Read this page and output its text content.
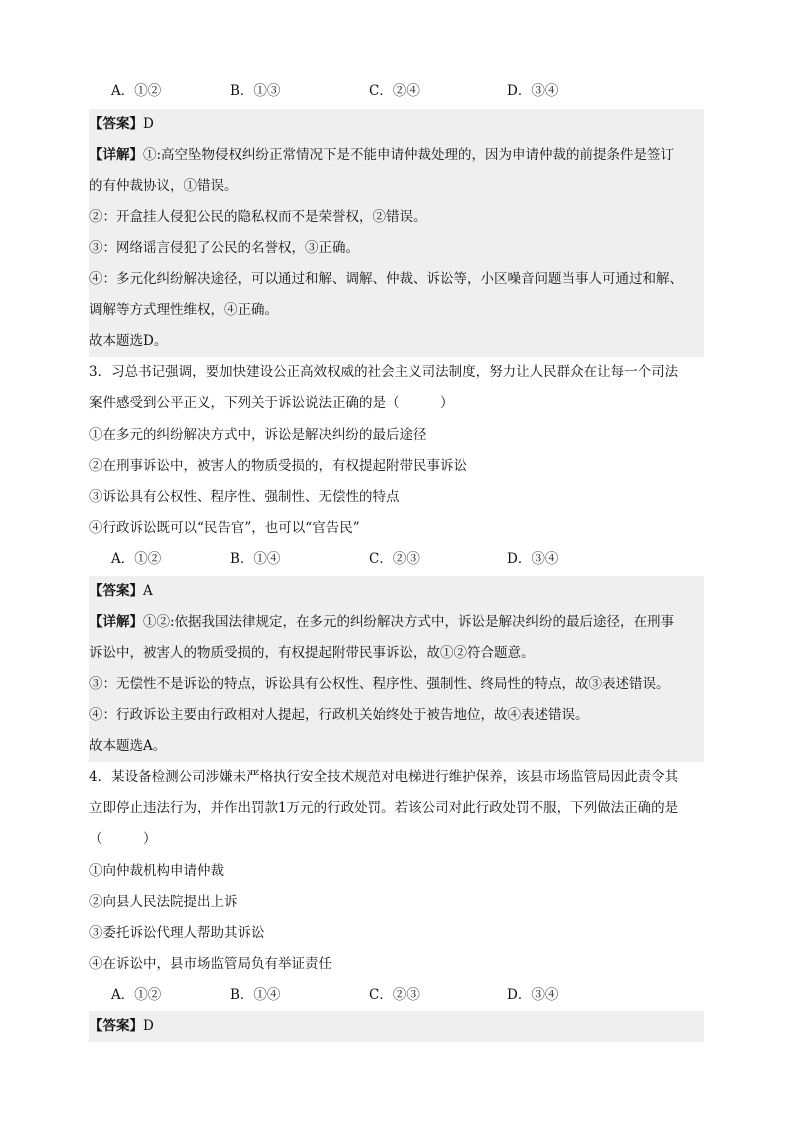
A．①②	B．①③	C．②④	D．③④
【答案】D
【详解】①:高空坠物侵权纠纷正常情况下是不能申请仲裁处理的，因为申请仲裁的前提条件是签订
的有仲裁协议，①错误。
②：开盒挂人侵犯公民的隐私权而不是荣誉权，②错误。
③：网络谣言侵犯了公民的名誉权，③正确。
④：多元化纠纷解决途径，可以通过和解、调解、仲裁、诉讼等，小区噪音问题当事人可通过和解、
调解等方式理性维权，④正确。
故本题选D。
3．习总书记强调，要加快建设公正高效权威的社会主义司法制度，努力让人民群众在让每一个司法
案件感受到公平正义，下列关于诉讼说法正确的是（　　　）
①在多元的纠纷解决方式中，诉讼是解决纠纷的最后途径
②在刑事诉讼中，被害人的物质受损的，有权提起附带民事诉讼
③诉讼具有公权性、程序性、强制性、无偿性的特点
④行政诉讼既可以“民告官”，也可以“官告民”
A．①②	B．①④	C．②③	D．③④
【答案】A
【详解】①②:依据我国法律规定，在多元的纠纷解决方式中，诉讼是解决纠纷的最后途径，在刑事
诉讼中，被害人的物质受损的，有权提起附带民事诉讼，故①②符合题意。
③：无偿性不是诉讼的特点，诉讼具有公权性、程序性、强制性、终局性的特点，故③表述错误。
④：行政诉讼主要由行政相对人提起，行政机关始终处于被告地位，故④表述错误。
故本题选A。
4．某设备检测公司涉嫌未严格执行安全技术规范对电梯进行维护保养，该县市场监管局因此责令其
立即停止违法行为，并作出罚款1万元的行政处罚。若该公司对此行政处罚不服，下列做法正确的是
（　　　）
①向仲裁机构申请仲裁
②向县人民法院提出上诉
③委托诉讼代理人帮助其诉讼
④在诉讼中，县市场监管局负有举证责任
A．①②	B．①④	C．②③	D．③④
【答案】D
